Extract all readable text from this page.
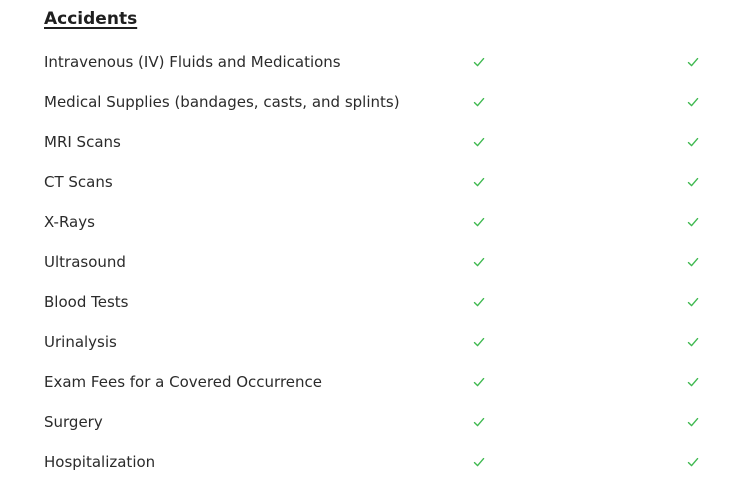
Accidents
Intravenous (IV) Fluids and Medications
Medical Supplies (bandages, casts, and splints)
MRI Scans
CT Scans
X-Rays
Ultrasound
Blood Tests
Urinalysis
Exam Fees for a Covered Occurrence
Surgery
Hospitalization
